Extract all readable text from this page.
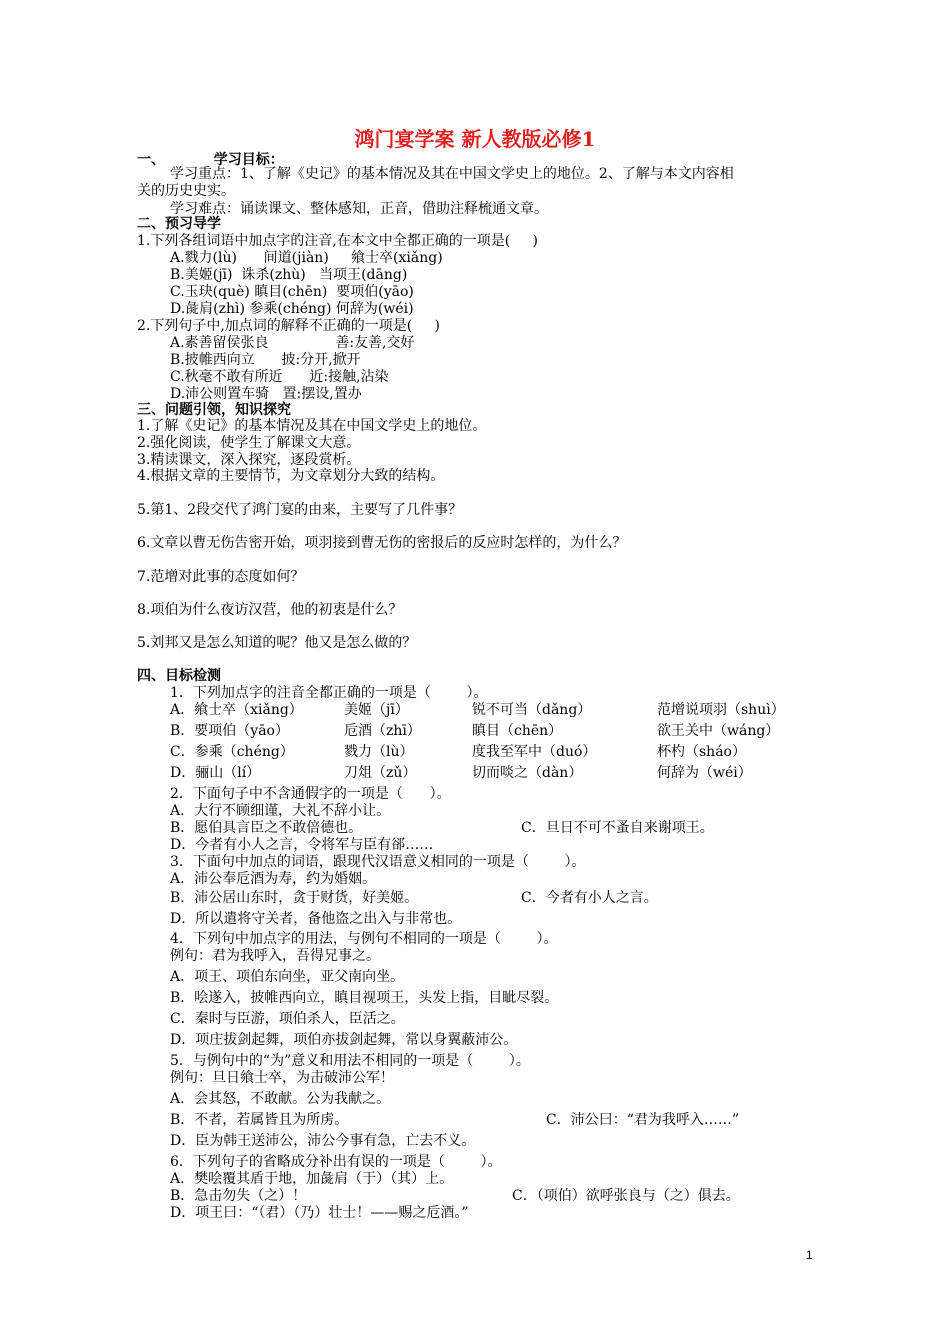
鸿门宴学案 新人教版必修1
一、          学习目标：
学习重点：1、了解《史记》的基本情况及其在中国文学史上的地位。2、了解与本文内容相
关的历史史实。
学习难点：诵读课文、整体感知，正音，借助注释梳通文章。
二、预习导学
1.下列各组词语中加点字的注音,在本文中全都正确的一项是(     )
A.戮力(lù)      间道(jiàn)     飨士卒(xiǎng)
B.美姬(jī)  诛杀(zhù)   当项王(dāng)
C.玉玦(què) 瞋目(chēn)  要项伯(yāo)
D.彘肩(zhì) 参乘(chéng) 何辞为(wéi)
2.下列句子中,加点词的解释不正确的一项是(     )
A.素善留侯张良               善:友善,交好
B.披帷西向立      披:分开,掀开
C.秋毫不敢有所近      近:接触,沾染
D.沛公则置车骑   置:摆设,置办
三、问题引领，知识探究
1.了解《史记》的基本情况及其在中国文学史上的地位。
2.强化阅读，使学生了解课文大意。
3.精读课文，深入探究，逐段赏析。
4.根据文章的主要情节，为文章划分大致的结构。
5.第1、2段交代了鸿门宴的由来，主要写了几件事？
6.文章以曹无伤告密开始，项羽接到曹无伤的密报后的反应时怎样的，为什么？
7.范增对此事的态度如何？
8.项伯为什么夜访汉营，他的初衷是什么？
5.刘邦又是怎么知道的呢？他又是怎么做的？
四、目标检测
1．下列加点字的注音全都正确的一项是（        ）。
A．飨士卒（xiǎng）	美姬（jī）	锐不可当（dǎng）	范增说项羽（shuì）
B．要项伯（yāo）	卮酒（zhī）	瞋目（chēn）	欲王关中（wáng）
C．参乘（chéng）	戮力（lù）	度我至军中（duó）	杯杓（sháo）
D．骊山（lí）	刀俎（zǔ）	切而啖之（dàn）	何辞为（wéi）
2．下面句子中不含通假字的一项是（      ）。
A．大行不顾细谨，大礼不辞小让。
B．愿伯具言臣之不敢倍德也。	C．旦日不可不蚤自来谢项王。
D．今者有小人之言，令将军与臣有郤……
3．下面句中加点的词语，跟现代汉语意义相同的一项是（        ）。
A．沛公奉卮酒为寿，约为婚姻。
B．沛公居山东时，贪于财货，好美姬。	C．今者有小人之言。
D．所以遣将守关者，备他盗之出入与非常也。
4．下列句中加点字的用法，与例句不相同的一项是（        ）。
例句：君为我呼入，吾得兄事之。
A．项王、项伯东向坐，亚父南向坐。
B．哙遂入，披帷西向立，瞋目视项王，头发上指，目眦尽裂。
C．秦时与臣游，项伯杀人，臣活之。
D．项庄拔剑起舞，项伯亦拔剑起舞，常以身翼蔽沛公。
5．与例句中的“为”意义和用法不相同的一项是（        ）。
例句：旦日飨士卒，为击破沛公军！
A．会其怒，不敢献。公为我献之。
B．不者，若属皆且为所虏。	C．沛公曰：“君为我呼入……”
D．臣为韩王送沛公，沛公今事有急，亡去不义。
6．下列句子的省略成分补出有误的一项是（        ）。
A．樊哙覆其盾于地，加彘肩（于）（其）上。
B．急击勿失（之）！	C．（项伯）欲呼张良与（之）俱去。
D．项王曰：“（君）（乃）壮士！——赐之卮酒。”
1
